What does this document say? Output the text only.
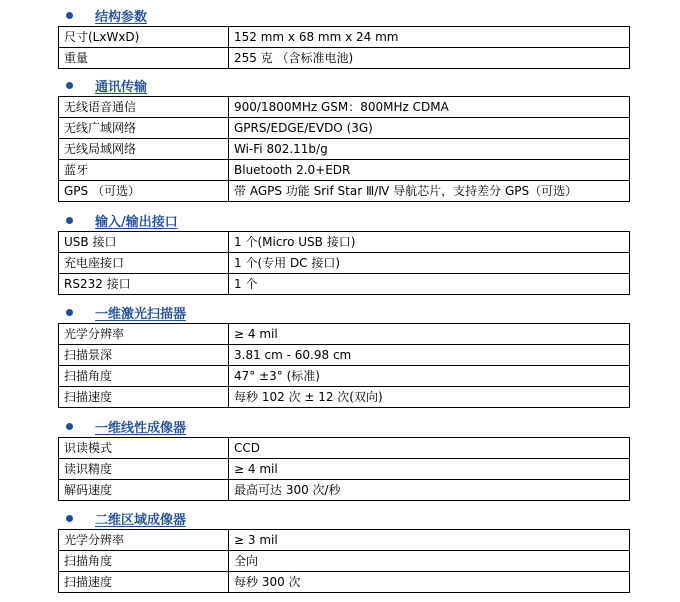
结构参数
尺寸(LxWxD)	152 mm x 68 mm x 24 mm
重量	255 克 （含标准电池)
通讯传输
无线语音通信	900/1800MHz GSM：800MHz CDMA
无线广域网络	GPRS/EDGE/EVDO (3G)
无线局域网络	Wi-Fi 802.11b/g
蓝牙	Bluetooth 2.0+EDR
GPS （可选）	带 AGPS 功能 Srif Star Ⅲ/Ⅳ 导航芯片，支持差分 GPS（可选）
输入/输出接口
USB 接口	1 个(Micro USB 接口)
充电座接口	1 个(专用 DC 接口)
RS232 接口	1 个
一维激光扫描器
光学分辨率	≥ 4 mil
扫描景深	3.81 cm - 60.98 cm
扫描角度	47° ±3° (标准)
扫描速度	每秒 102 次 ± 12 次(双向)
一维线性成像器
识读模式	CCD
读识精度	≥ 4 mil
解码速度	最高可达 300 次/秒
二维区域成像器
光学分辨率	≥ 3 mil
扫描角度	全向
扫描速度	每秒 300 次
